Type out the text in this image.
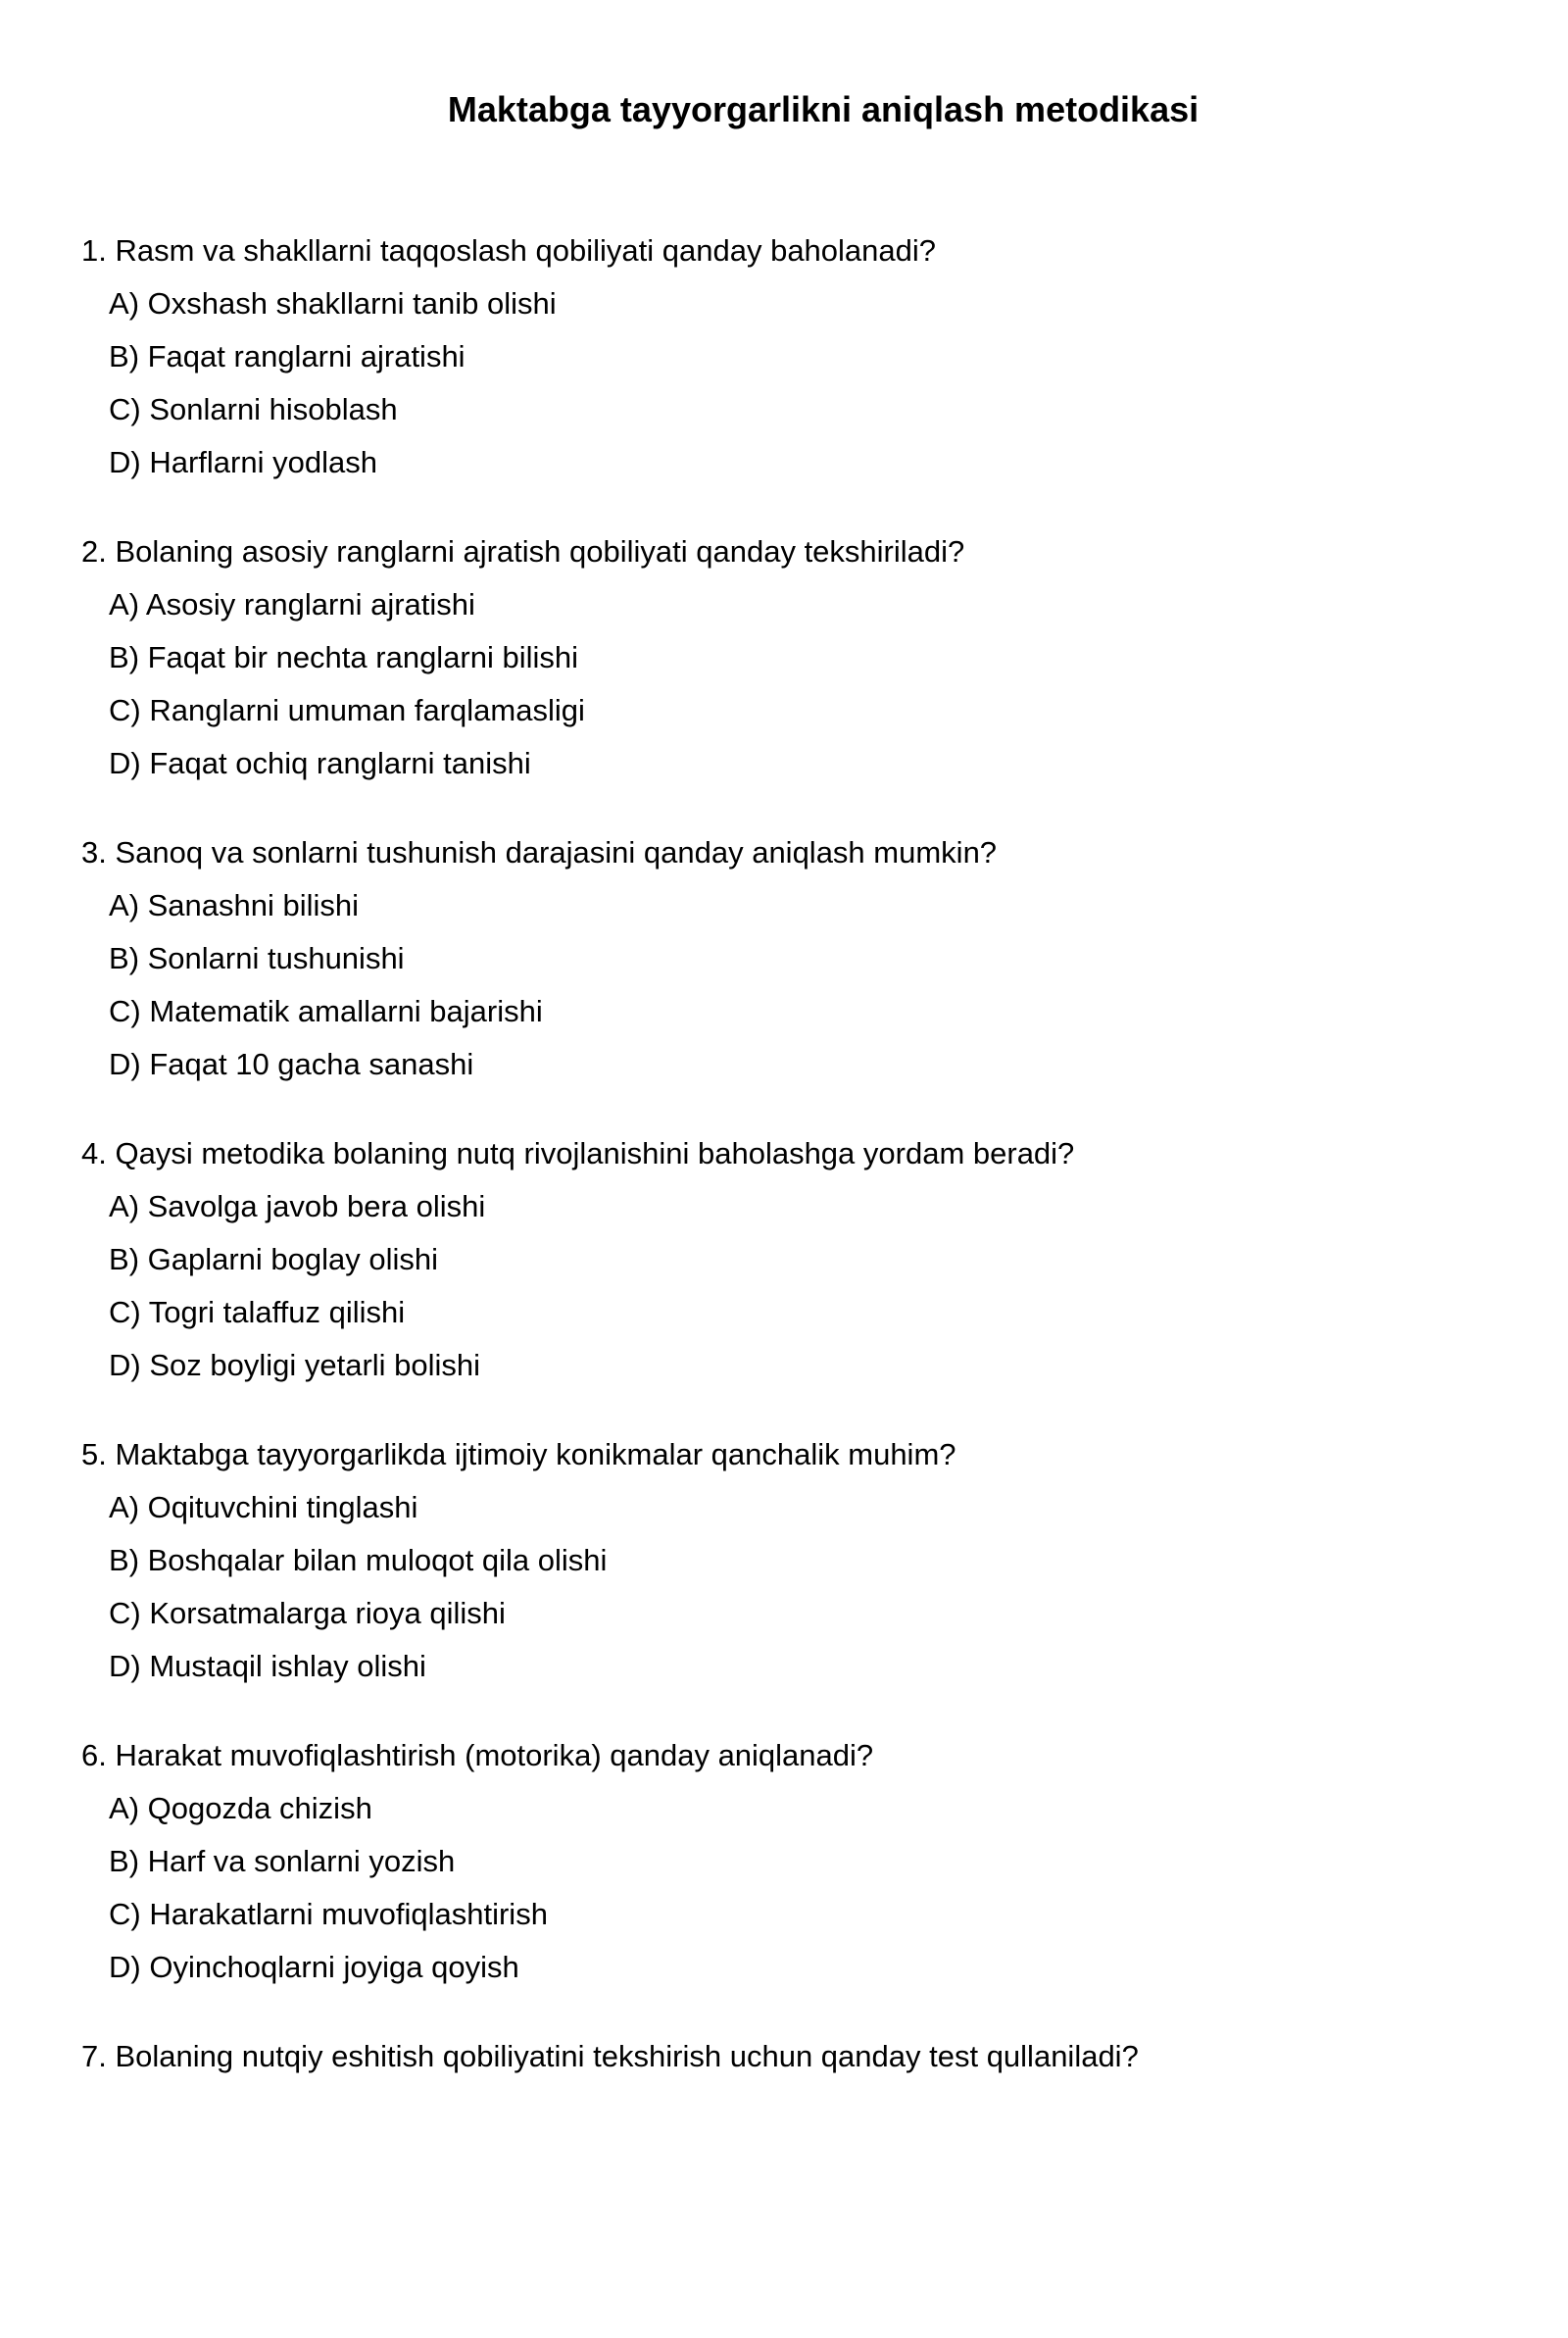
Maktabga tayyorgarlikni aniqlash metodikasi

1 . Rasm va shakllarni taqqoslash qobiliyati qanday baholanadi?

A ) Oxshash shakllarni tanib olishi
B ) Faqat ranglarni ajratishi
C ) Sonlarni hisoblash
D ) Harflarni yodlash

2 . Bolaning asosiy ranglarni ajratish qobiliyati qanday tekshiriladi?

A ) Asosiy ranglarni ajratishi
B ) Faqat bir nechta ranglarni bilishi
C ) Ranglarni umuman farqlamasligi
D ) Faqat ochiq ranglarni tanishi

3 . Sanoq va sonlarni tushunish darajasini qanday aniqlash mumkin?

A ) Sanashni bilishi
B ) Sonlarni tushunishi
C ) Matematik amallarni bajarishi
D ) Faqat 10 gacha sanashi

4 . Qaysi metodika bolaning nutq rivojlanishini baholashga yordam beradi?

A ) Savolga javob bera olishi
B ) Gaplarni boglay olishi
C ) Togri talaffuz qilishi
D ) Soz boyligi yetarli bolishi

5 . Maktabga tayyorgarlikda ijtimoiy konikmalar qanchalik muhim?

A ) Oqituvchini tinglashi
B ) Boshqalar bilan muloqot qila olishi
C ) Korsatmalarga rioya qilishi
D ) Mustaqil ishlay olishi

6 . Harakat muvofiqlashtirish (motorika) qanday aniqlanadi?

A ) Qogozda chizish
B ) Harf va sonlarni yozish
C ) Harakatlarni muvofiqlashtirish
D ) Oyinchoqlarni joyiga qoyish

7 . Bolaning nutqiy eshitish qobiliyatini tekshirish uchun qanday test qullaniladi?
